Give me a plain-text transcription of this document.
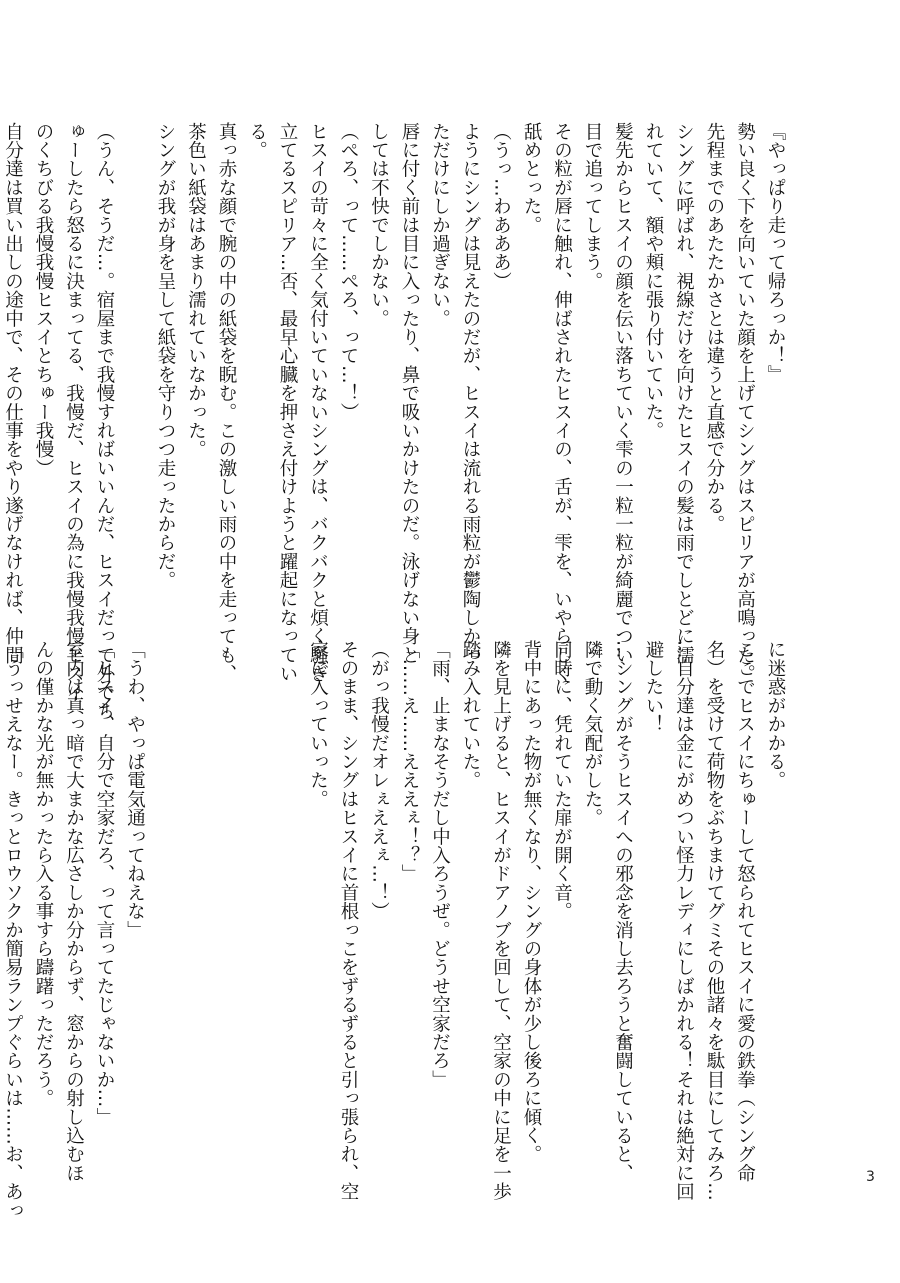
『やっぱり走って帰ろっか！』
勢い良く下を向いていた顔を上げてシングはスピリアが高鳴った。
先程までのあたたかさとは違うと直感で分かる。
シングに呼ばれ、視線だけを向けたヒスイの髪は雨でしとどに濡
れていて、額や頬に張り付いていた。
髪先からヒスイの顔を伝い落ちていく雫の一粒一粒が綺麗でつい
目で追ってしまう。
その粒が唇に触れ、伸ばされたヒスイの、舌が、雫を、いやらしく
舐めとった。
（うっ…わあああ）
ようにシングは見えたのだが、ヒスイは流れる雨粒が鬱陶しかっ
ただけにしか過ぎない。
唇に付く前は目に入ったり、鼻で吸いかけたのだ。泳げない身と
しては不快でしかない。
（ぺろ、って……ぺろ、って…！）
ヒスイの苛々に全く気付いていないシングは、バクバクと煩く騒ぎ
立てるスピリア…否、最早心臓を押さえ付けようと躍起になってい
る。
真っ赤な顔で腕の中の紙袋を睨む。この激しい雨の中を走っても、
茶色い紙袋はあまり濡れていなかった。
シングが我が身を呈して紙袋を守りつつ走ったからだ。

（うん、そうだ…。宿屋まで我慢すればいいんだ、ヒスイだって外でち
ゅーしたら怒るに決まってる、我慢だ、ヒスイの為に我慢我慢ヒスイ
のくちびる我慢我慢ヒスイとちゅー我慢）
自分達は買い出しの途中で、その仕事をやり遂げなければ、仲間
に迷惑がかかる。
ここでヒスイにちゅーして怒られてヒスイに愛の鉄拳（シング命
名）を受けて荷物をぶちまけてグミその他諸々を駄目にしてみろ…
…自分達は金にがめつい怪力レディにしばかれる！それは絶対に回
避したい！
…シングがそうヒスイへの邪念を消し去ろうと奮闘していると、
隣で動く気配がした。
同時に、凭れていた扉が開く音。
背中にあった物が無くなり、シングの身体が少し後ろに傾く。
隣を見上げると、ヒスイがドアノブを回して、空家の中に足を一歩
踏み入れていた。
「雨、止まなそうだし中入ろうぜ。どうせ空家だろ」
「……え……えええぇ！？」
（がっ我慢だオレぇええぇ…！）
そのまま、シングはヒスイに首根っこをずるずると引っ張られ、空
家に入っていった。

「うわ、やっぱ電気通ってねえな」
「ヒスイ、自分で空家だろ、って言ってたじゃないか…」
室内は真っ暗で大まかな広さしか分からず、窓からの射し込むほ
んの僅かな光が無かったら入る事すら躊躇っただろう。
「うっせえなー。きっとロウソクか簡易ランプぐらいは……お、あっ	3
